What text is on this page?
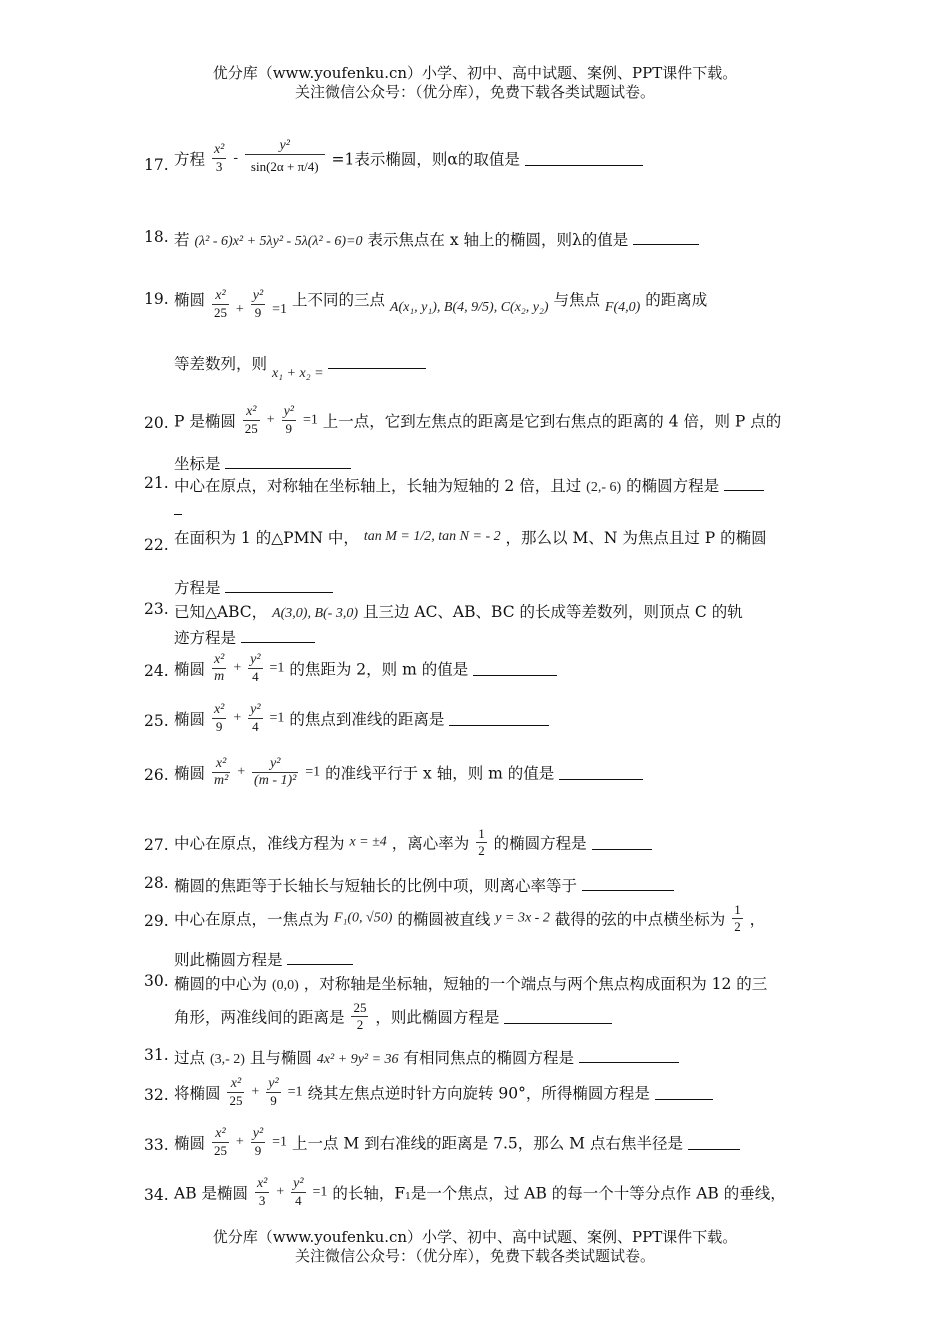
优分库（www.youfenku.cn）小学、初中、高中试题、案例、PPT课件下载。
关注微信公众号：（优分库），免费下载各类试题试卷。
17. 方程 $\frac{\text{x²}}{3} - \frac{\text{y²}}{\sin(2\alpha + \pi/4)} =1$表示椭圆，则α的取值是
18. 若 (λ² - 6)x² + 5λy² - 5λ(λ² - 6)=0 表示焦点在 x 轴上的椭圆，则λ的值是
19. 椭圆 $\frac{\text{x²}}{25} + \frac{\text{y²}}{9} =1$ 上不同的三点 A(x₁, y₁), B(4, 9/5), C(x₂, y₂) 与焦点 F(4,0) 的距离成
等差数列，则 x₁ + x₂ =
20. P 是椭圆 $\frac{\text{x²}}{25} + \frac{\text{y²}}{9} =1$ 上一点，它到左焦点的距离是它到右焦点的距离的 4 倍，则 P 点的
坐标是
21. 中心在原点，对称轴在坐标轴上，长轴为短轴的 2 倍，且过 (2,- 6) 的椭圆方程是
22. 在面积为 1 的△PMN 中， tan M = 1/2, tan N = - 2 ，那么以 M、N 为焦点且过 P 的椭圆
方程是
23. 已知△ABC， A(3,0), B(- 3,0) 且三边 AC、AB、BC 的长成等差数列，则顶点 C 的轨
迹方程是
24. 椭圆 $\frac{\text{x²}}{m} + \frac{\text{y²}}{4} =1$ 的焦距为 2，则 m 的值是
25. 椭圆 $\frac{\text{x²}}{9} + \frac{\text{y²}}{4} =1$ 的焦点到准线的距离是
26. 椭圆 $\frac{\text{x²}}{\text{m²}} + \frac{\text{y²}}{\text{(m - 1)²}} =1$ 的准线平行于 x 轴，则 m 的值是
27. 中心在原点，准线方程为 x = ±4 ，离心率为 $\frac{1}{2}$ 的椭圆方程是
28. 椭圆的焦距等于长轴长与短轴长的比例中项，则离心率等于
29. 中心在原点，一焦点为 F₁(0, √50) 的椭圆被直线 y = 3x - 2 截得的弦的中点横坐标为 $\frac{1}{2}$ ，
则此椭圆方程是
30. 椭圆的中心为 (0,0) ，对称轴是坐标轴，短轴的一个端点与两个焦点构成面积为 12 的三
角形，两准线间的距离是 $\frac{25}{2}$ ，则此椭圆方程是
31. 过点 (3,- 2) 且与椭圆 4x² + 9y² = 36 有相同焦点的椭圆方程是
32. 将椭圆 $\frac{\text{x²}}{25} + \frac{\text{y²}}{9} =1$ 绕其左焦点逆时针方向旋转 90°，所得椭圆方程是
33. 椭圆 $\frac{\text{x²}}{25} + \frac{\text{y²}}{9} =1$ 上一点 M 到右准线的距离是 7.5，那么 M 点右焦半径是
34. AB 是椭圆 $\frac{\text{x²}}{3} + \frac{\text{y²}}{4} =1$ 的长轴，$F_1$是一个焦点，过 AB 的每一个十等分点作 AB 的垂线，
优分库（www.youfenku.cn）小学、初中、高中试题、案例、PPT课件下载。
关注微信公众号：（优分库），免费下载各类试题试卷。
